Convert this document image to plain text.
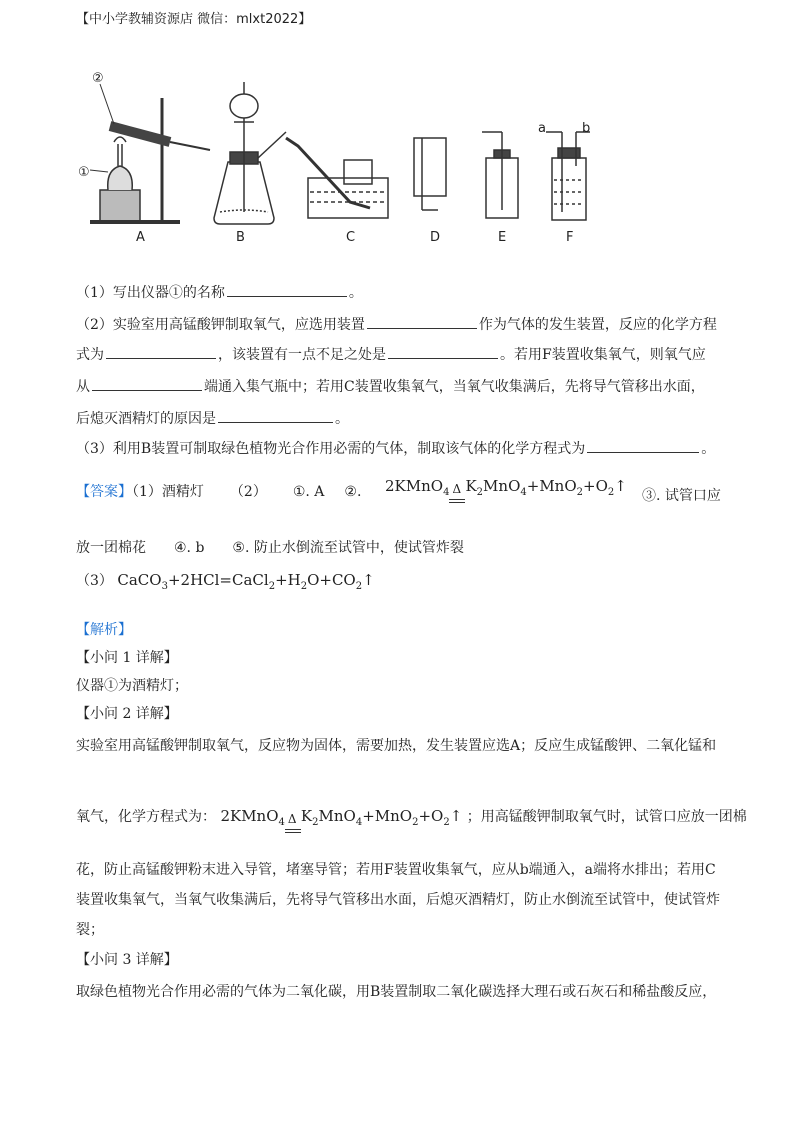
【中小学教辅资源店 微信：mlxt2022】
②
①
a	b
A	B	C	D	E	F
（1）写出仪器①的名称	。
（2）实验室用高锰酸钾制取氧气，应选用装置	作为气体的发生装置，反应的化学方程
式为	，该装置有一点不足之处是	。若用F装置收集氧气，则氧气应
从	端通入集气瓶中；若用C装置收集氧气，当氧气收集满后，先将导气管移出水面，
后熄灭酒精灯的原因是	。
（3）利用B装置可制取绿色植物光合作用必需的气体，制取该气体的化学方程式为	。
【答案】（1）酒精灯 （2） ①. A ②. 2KMnO$_4$ Δ $K_2MnO_4+MnO_2+O_2↑$
③. 试管口应
放一团棉花 ④. b ⑤. 防止水倒流至试管中，使试管炸裂
（3） $CaCO_3+2HCl=CaCl_2+H_2O+CO_2↑$
【解析】
【小问 1 详解】
仪器①为酒精灯；
【小问 2 详解】
实验室用高锰酸钾制取氧气，反应物为固体，需要加热，发生装置应选A；反应生成锰酸钾、二氧化锰和
氧气，化学方程式为： 2KMnO$_4$ Δ $K_2MnO_4+MnO_2+O_2↑$ ；用高锰酸钾制取氧气时，试管口应放一团棉
花，防止高锰酸钾粉末进入导管，堵塞导管；若用F装置收集氧气，应从b端通入，a端将水排出；若用C
装置收集氧气，当氧气收集满后，先将导气管移出水面，后熄灭酒精灯，防止水倒流至试管中，使试管炸
裂；
【小问 3 详解】
取绿色植物光合作用必需的气体为二氧化碳，用B装置制取二氧化碳选择大理石或石灰石和稀盐酸反应，
